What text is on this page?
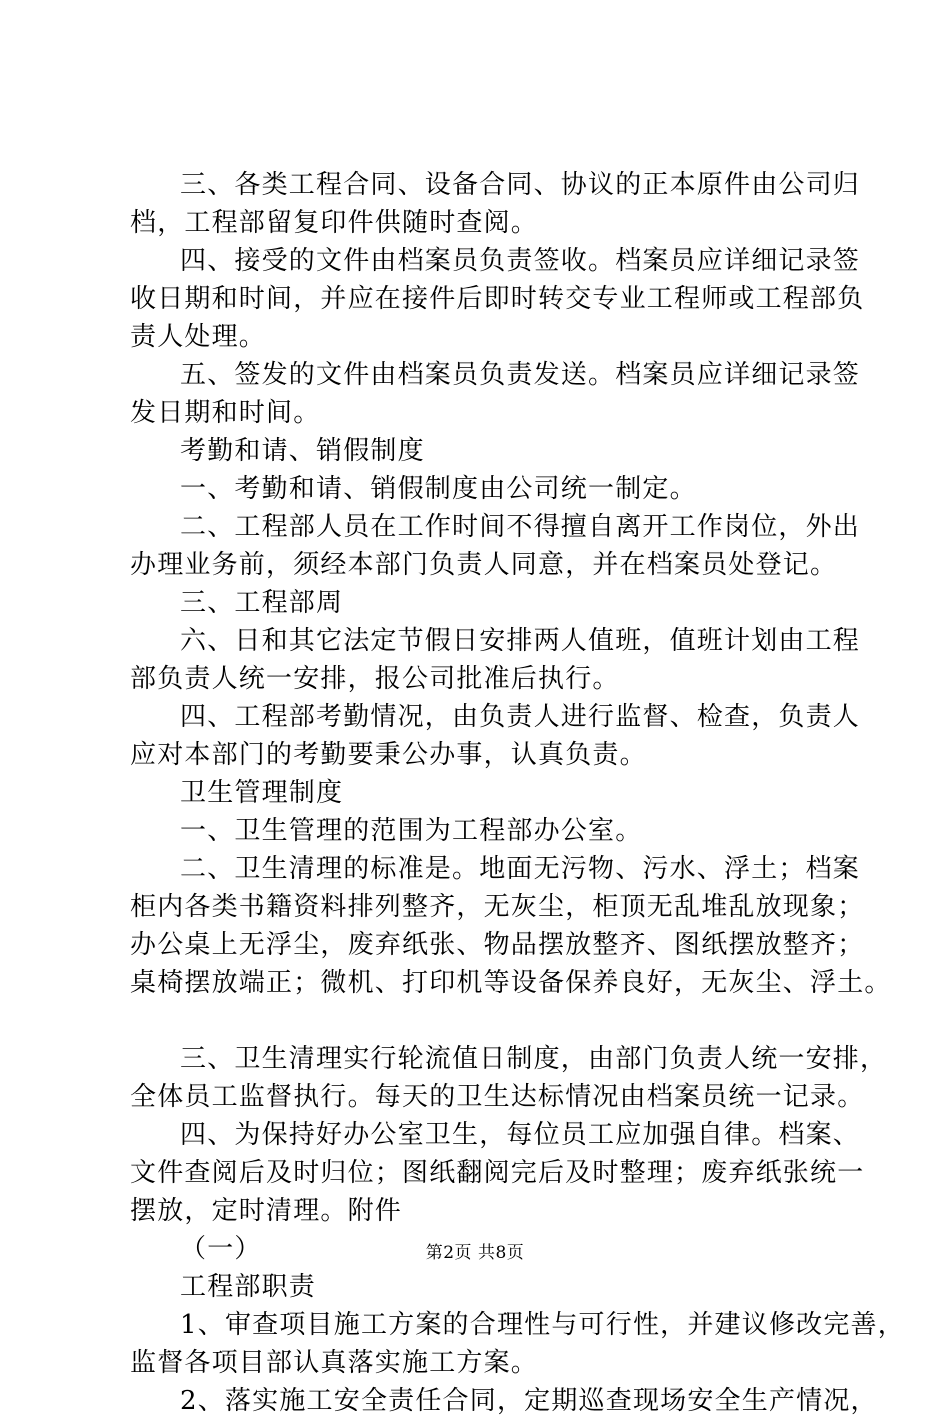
三、各类工程合同、设备合同、协议的正本原件由公司归
档，工程部留复印件供随时查阅。
四、接受的文件由档案员负责签收。档案员应详细记录签
收日期和时间，并应在接件后即时转交专业工程师或工程部负
责人处理。
五、签发的文件由档案员负责发送。档案员应详细记录签
发日期和时间。
考勤和请、销假制度
一、考勤和请、销假制度由公司统一制定。
二、工程部人员在工作时间不得擅自离开工作岗位，外出
办理业务前，须经本部门负责人同意，并在档案员处登记。
三、工程部周
六、日和其它法定节假日安排两人值班，值班计划由工程
部负责人统一安排，报公司批准后执行。
四、工程部考勤情况，由负责人进行监督、检查，负责人
应对本部门的考勤要秉公办事，认真负责。
卫生管理制度
一、卫生管理的范围为工程部办公室。
二、卫生清理的标准是。地面无污物、污水、浮土；档案
柜内各类书籍资料排列整齐，无灰尘，柜顶无乱堆乱放现象；
办公桌上无浮尘，废弃纸张、物品摆放整齐、图纸摆放整齐；
桌椅摆放端正；微机、打印机等设备保养良好，无灰尘、浮土。
三、卫生清理实行轮流值日制度，由部门负责人统一安排，
全体员工监督执行。每天的卫生达标情况由档案员统一记录。
四、为保持好办公室卫生，每位员工应加强自律。档案、
文件查阅后及时归位；图纸翻阅完后及时整理；废弃纸张统一
摆放，定时清理。附件
（一）
工程部职责
1、审查项目施工方案的合理性与可行性，并建议修改完善，
监督各项目部认真落实施工方案。
2、落实施工安全责任合同，定期巡查现场安全生产情况，
第2页 共8页
